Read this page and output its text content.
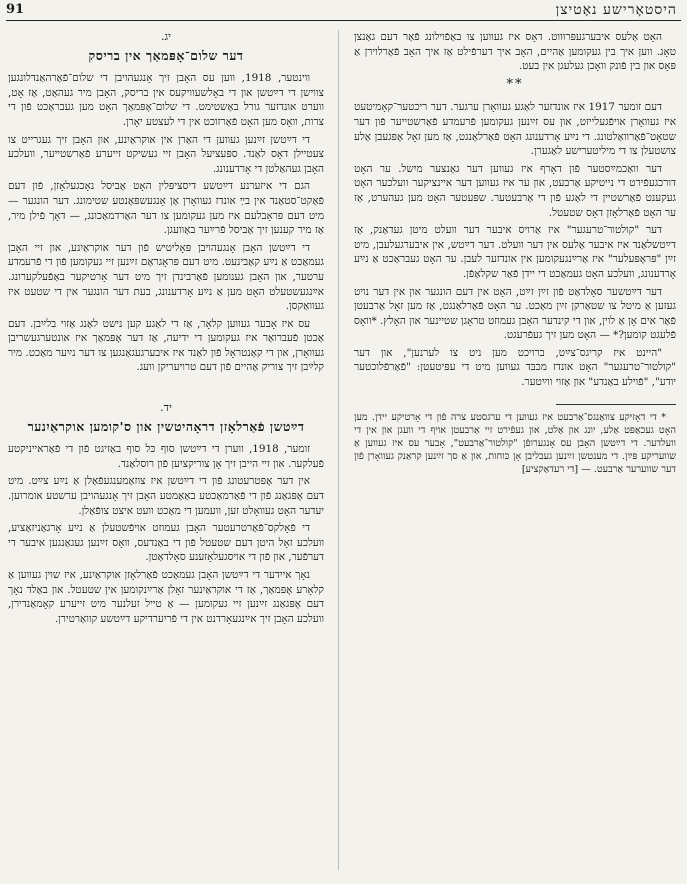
91	היסטאָרישע נאָטיצן

האָט אַלעס איבערגעפּרוּווט. דאָס איז געווען צו באַפֿוילונג פֿאַר דעם גאַנצן טאָג. ווען איך בין געקומען אַהיים, האָב איך דערפֿילט אַז איך האָב פֿאַרלוירן אַ פּאָס און בין פֿונק וואָכן געלעגן אין בעט.

**

דעם זומער 1917 איז אונדזער לאַגע געוואָרן ערגער. דער ריכטער־קאָמיטעט איז געוואָרן אויפֿגעלייזט, און עס זײַנען געקומען פֿרעמדע פֿאַרשטייער פֿון דער שטאָט־פֿאַרוואַלטונג. די נײַע אָרדענונג האָט פֿאַרלאַנגט, אַז מען זאָל אָפּגעבן אַלע צושטעלן צו די מיליטערישע לאַגערן.

דער וואַכמײַסטער פֿון דאָרף איז געווען דער גאַנצער מיִשל. ער האָט דורכגעפֿירט די נייטיקע אַרבעט, און ער איז געווען דער איינציקער וועלכער האָט געקענט פֿאַרשטיין די לאַגע פֿון די אַרבעטער. שפּעטער האָט מען געהערט, אַז ער האָט פֿאַרלאָזן דאָס שטעטל.

דער "קולטור־טרעגער" איז אַרויס איבער דער וועלט מיטן געדאַנק, אַז דײַטשלאַנד איז איבער אַלעס אין דער וועלט. דער דײַטש, אין איבערגעלעבן, מיט זײַן "פּראָפּעלער" איז אַרײַנגעקומען אין אונדזער לעבן. ער האָט געבראַכט אַ נײַע אָרדענונג, וועלכע האָט געמאַכט די יידן פֿאַר שקלאַפֿן.

דער דײַטשער סאָלדאַט פֿון זײַן זײַט, האָט אין דעם הונגער און אין דער נויט געזען אַ מיטל צו שטאַרקן זײַן מאַכט. ער האָט פֿאַרלאַנגט, אַז מען זאָל אַרבעטן פֿאַר אים אָן אַ לוין, און די קינדער האָבן געמוזט טראָגן שטיינער און האָלץ. *וואָס פֿלעגט קומען?* — האָט מען זיך געפֿרעגט.

"היינט איז קריגס־צײַט, ברויכט מען ניט צו לערנען", און דער "קולטור־טרעגער" האָט אונדז מכבּד געווען מיט די עפּיטעטן: "פֿאַרפֿלוכטער יודע", "פֿוילע באַנדע" און אַזוי ווײַטער.

* די דאָזיקע צוואַנגס־אַרבעט איז געווען די ערגסטע צרה פֿון די אָרטיקע יידן. מען האָט געכאַפּט אַלע, יונג און אַלט, און געפֿירט זיי אַרבעטן אויף די וועגן און אין די וועלדער. די דײַטשן האָבן עס אָנגערופֿן "קולטור־אַרבעט", אָבער עס איז געווען אַ שוועריקע פּײַן. די מענטשן זײַנען געבליבן אָן כּוחות, און אַ סך זײַנען קראַנק געוואָרן פֿון דער שווערער אַרבעט. — [די רעדאַקציע]

יג.
דער שלום־אָפּמאַך אין בריסק

ווינטער, 1918, ווען עס האָבן זיך אָנגעהויבן די שלום־פֿאַרהאַנדלונגען צווישן די דײַטשן און די באָלשעוויקעס אין בריסק, האָבן מיר געהאַט, אַז אָט, ווערט אונדזער גורל באַשטימט. די שלום־אָפּמאַך האָט מען געבראַכט פֿון די צרות, וואָס מען האָט פֿאַרזוכט אין די לעצטע יאָרן.

די דײַטשן זײַנען געווען די האַרן אין אוקראַיִנע, און האָבן זיך געגרייט צו צעטיילן דאָס לאַנד. ספּעציעל האָבן זיי געשיקט זייערע פֿאַרשטייער, וועלכע האָבן געהאַלטן די אָרדענונג.

הגם די איזערנע דײַטשע דיסציפּלין האָט אַביסל נאָכגעלאָזן, פֿון דעם פֿאַקט־סטאַנד אין בײַ אונדז געוואָרן אַן אָנגעשפּאַנטע שטימונג. דער הונגער — מיט דעם פּראָבלעם איז מען געקומען צו דער האַרדמאַכונג, — דאָך פֿילן מיר, אַז מיר קענען זיך אַביסל פֿרײַער באַוועגן.

די דײַטשן האָבן אָנגעהויבן פּאָליטיש פֿון דער אוקראַיִנע, און זיי האָבן געמאַכט אַ נײַע קאַבינעט. מיט דעם פּראָגראַם זײַנען זיי געקומען פֿון די פֿרעמדע ערטער, און האָבן גענומען פֿאַרבינדן זיך מיט דער אָרטיקער באַפֿעלקערונג. אײַנגעשטעלט האָט מען אַ נײַע אָרדענונג, בעת דער הונגער אין די שטעט איז געוואַקסן.

עס איז אָבער געווען קלאָר, אַז די לאַגע קען נישט לאַנג אַזוי בלײַבן. דעם אַכטן פֿעברואַר איז געקומען די ידיעה, אַז דער אָפּמאַך איז אונטערגעשריבן געוואָרן, און די קאַנטראָל פֿון לאַנד איז איבערגעגאַנגען צו דער נײַער מאַכט. מיר קלײַבן זיך צוריק אַהיים פֿון דעם טרויעריקן וועג.

יד.
דײַטשן פֿאַרלאָזן דראָהיטשין און ס'קומען אוקראַיִנער

זומער, 1918, ווערן די דײַטשן סוף כּל סוף באַזיגט פֿון די פֿאַראייניקטע פֿעלקער. און זיי הייבן זיך אָן צוריקציִען פֿון רוסלאַנד.

אין דער אָפּטרעטונג פֿון די דײַטשן איז צוזאַמענגעפֿאַלן אַ נײַע צײַט. מיט דעם אָפּגאַנג פֿון די פֿאַרמאַכטע באַאַמטע האָבן זיך אָנגעהויבן ערשטע אומרוען. יעדער האָט געוואָלט זען, וועמען די מאַכט וועט איצט צופֿאַלן.

די פֿאָלקס־פֿאַרטרעטער האָבן געמוזט אויפֿשטעלן אַ נײַע אָרגאַניזאַציע, וועלכע זאָל היטן דעם שטעטל פֿון די באַנדעס, וואָס זײַנען געגאַנגען איבער די דערפֿער, און פֿון די אויסגעלאָזענע סאָלדאַטן.

נאָך אייִדער די דײַטשן האָבן געמאַכט פֿאַרלאָזן אוקראַיִנע, איז שוין געווען אַ קלאָרע אָפּמאַך, אַז די אוקראַיִנער זאָלן אַרײַנקומען אין שטעטל. און באַלד נאָך דעם אָפּגאַנג זײַנען זיי געקומען — אַ טייל זעלנער מיט זייערע קאָמאַנדירן, וועלכע האָבן זיך אײַנגעאָרדנט אין די פֿריִערדיקע דײַטשע קוואַרטירן.
